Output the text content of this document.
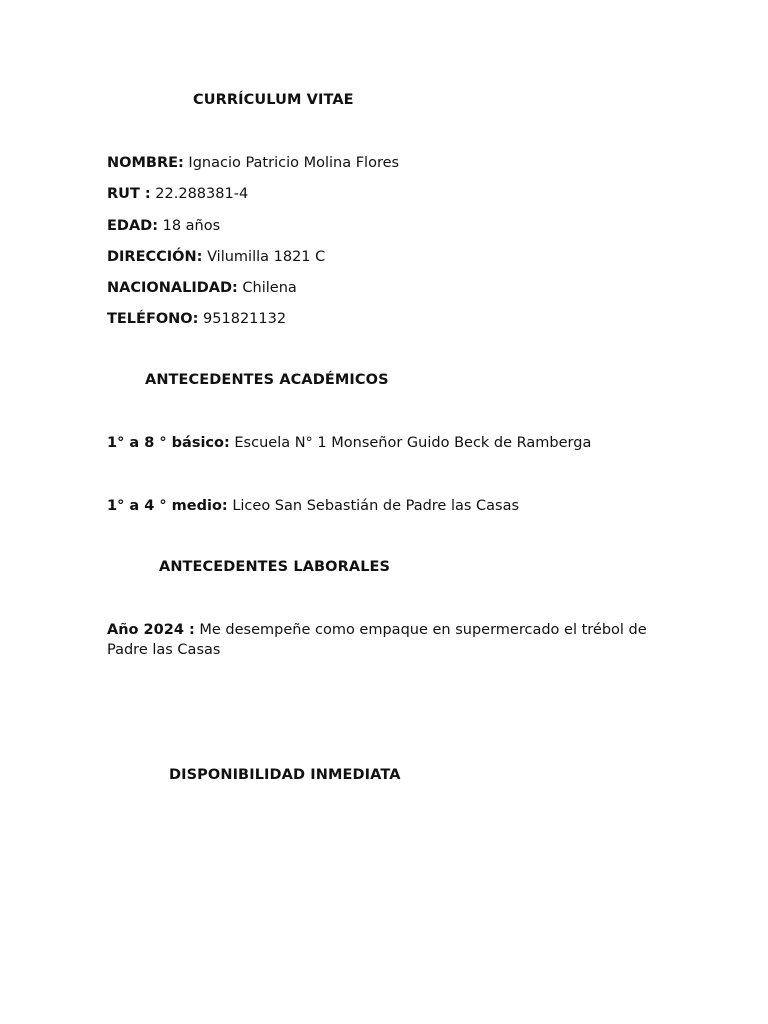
CURRÍCULUM VITAE
NOMBRE: Ignacio Patricio Molina Flores
RUT : 22.288381-4
EDAD: 18 años
DIRECCIÓN: Vilumilla 1821 C
NACIONALIDAD: Chilena
TELÉFONO: 951821132
ANTECEDENTES ACADÉMICOS
1° a 8 ° básico: Escuela N° 1 Monseñor Guido Beck de Ramberga
1° a 4 ° medio: Liceo San Sebastián de Padre las Casas
ANTECEDENTES LABORALES
Año 2024 : Me desempeñe como empaque en supermercado el trébol de Padre las Casas
DISPONIBILIDAD INMEDIATA
